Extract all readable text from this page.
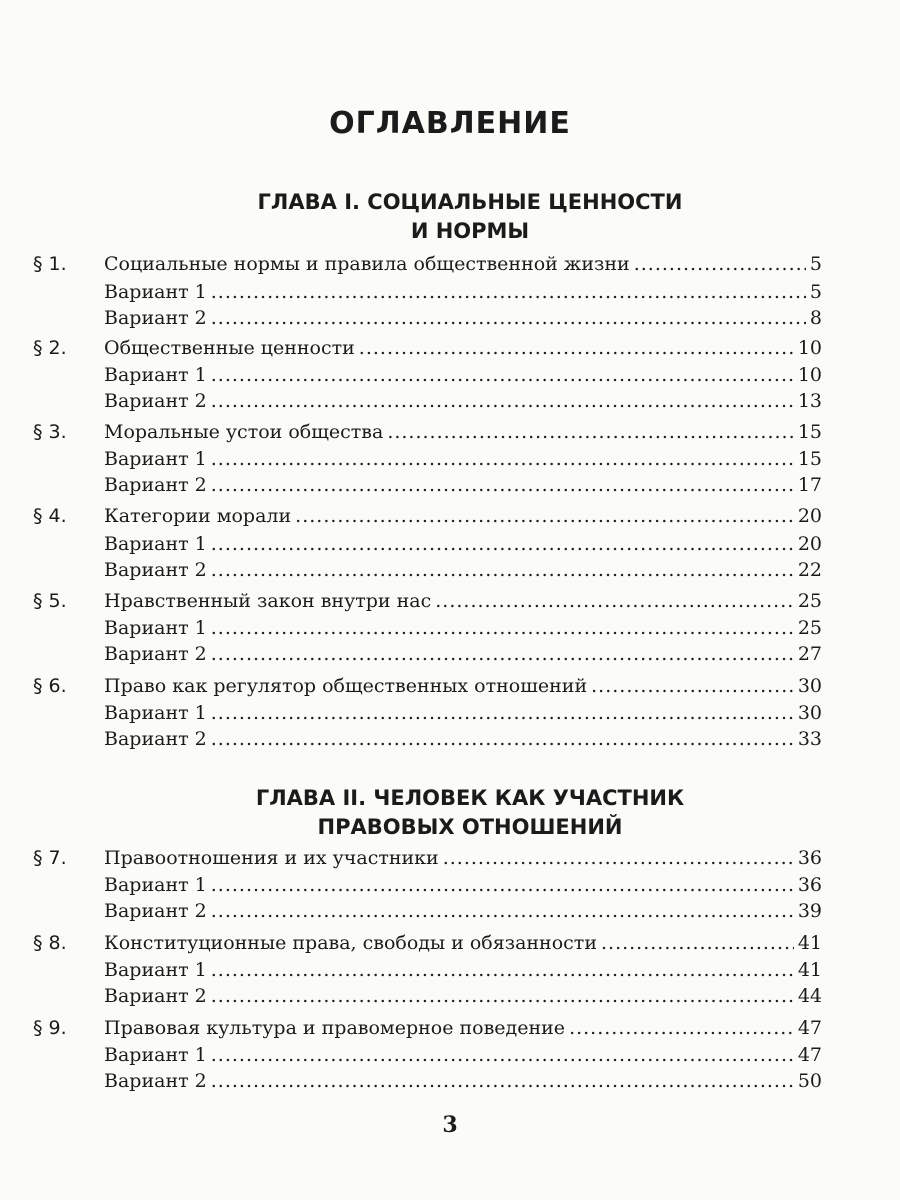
ОГЛАВЛЕНИЕ
ГЛАВА I. СОЦИАЛЬНЫЕ ЦЕННОСТИ
И НОРМЫ
§ 1. Социальные нормы и правила общественной жизни .....	5
Вариант 1 .....	5
Вариант 2 .....	8
§ 2. Общественные ценности .....	10
Вариант 1 .....	10
Вариант 2 .....	13
§ 3. Моральные устои общества .....	15
Вариант 1 .....	15
Вариант 2 .....	17
§ 4. Категории морали .....	20
Вариант 1 .....	20
Вариант 2 .....	22
§ 5. Нравственный закон внутри нас .....	25
Вариант 1 .....	25
Вариант 2 .....	27
§ 6. Право как регулятор общественных отношений .....	30
Вариант 1 .....	30
Вариант 2 .....	33
ГЛАВА II. ЧЕЛОВЕК КАК УЧАСТНИК
ПРАВОВЫХ ОТНОШЕНИЙ
§ 7. Правоотношения и их участники .....	36
Вариант 1 .....	36
Вариант 2 .....	39
§ 8. Конституционные права, свободы и обязанности .....	41
Вариант 1 .....	41
Вариант 2 .....	44
§ 9. Правовая культура и правомерное поведение .....	47
Вариант 1 .....	47
Вариант 2 .....	50
3
